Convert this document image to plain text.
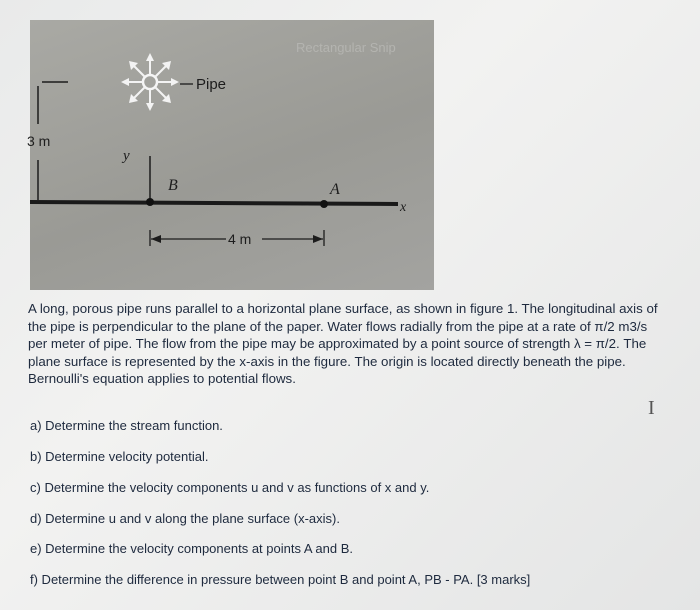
Rectangular Snip
Pipe
3 m
y
B	A
x
4 m

A long, porous pipe runs parallel to a horizontal plane surface, as shown in figure 1. The longitudinal axis of the pipe is perpendicular to the plane of the paper. Water flows radially from the pipe at a rate of π/2 m3/s per meter of pipe. The flow from the pipe may be approximated by a point source of strength λ = π/2. The plane surface is represented by the x-axis in the figure. The origin is located directly beneath the pipe. Bernoulli's equation applies to potential flows.

a) Determine the stream function.
b) Determine velocity potential.
c) Determine the velocity components u and v as functions of x and y.
d) Determine u and v along the plane surface (x-axis).
e) Determine the velocity components at points A and B.
f) Determine the difference in pressure between point B and point A, PB - PA. [3 marks]
I
